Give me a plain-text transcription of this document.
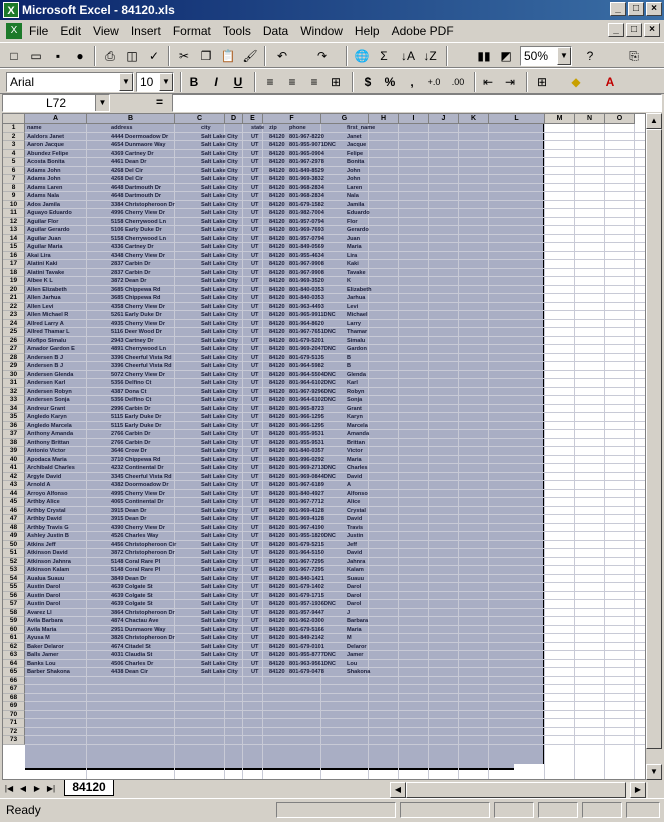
X Microsoft Excel - 84120.xls	_	□	×
X File Edit View Insert Format Tools Data Window Help Adobe PDF	_	□	×
□	▭	▪	●	⎙ ◫ ✓	✂ ❐ 📋 🖌	↶	↷	🌐 Σ	↓A ↓Z	▮▮ ◩	50%	▼	?	⎘
Arial	▼ 10	▼	B	I	U	≡	≡	≡	⊞	$	%	,	+.0	.00	⇤ ⇥	⊞	◆	A
L72	▼	=
A	B	C	D	E	F	G	H	I	J	K	L	M	N	O
1
2
3
4
5
6
7
8
9
10
11
12
13
14
15
16
17
18
19
20
21
22
23
24
25
26
27
28
29
30
31
32
33
34
35
36
37
38
39
40
41
42
43
44
45
46
47
48
49
50
51
52
53
54
55
56
57
58
59
60
61
62
63
64
65
66
67
68
69
70
71
72
73
name	address	city	state zip	phone	first_name
Aaldors Janet	4444 Doermoadow Dr	Salt Lake City	UT	84120 801-967-8220	Janet
Aaron Jacque	4654 Dunmaore Way	Salt Lake City	UT	84120 801-955-9071DNC	Jacque
Abundez Felipe	4369 Cartney Dr	Salt Lake City	UT	84120 801-965-0904	Felipe
Acosta Bonita	4461 Dean Dr	Salt Lake City	UT	84120 801-967-2978	Bonita
Adams John	4268 Del Cir	Salt Lake City	UT	84120 801-849-8529	John
Adams John	4268 Del Cir	Salt Lake City	UT	84120 801-969-3832	John
Adams Laren	4648 Dartmouth Dr	Salt Lake City	UT	84120 801-968-2834	Laren
Adams Nala	4648 Dartmouth Dr	Salt Lake City	UT	84120 801-968-2834	Nala
Ados Jamila	3384 Christopheroon Dr	Salt Lake City	UT	84120 801-679-1582	Jamila
Aguayo Eduardo	4996 Cherry View Dr	Salt Lake City	UT	84120 801-982-7004	Eduardo
Aguilar Flor	5158 Cherrywood Ln	Salt Lake City	UT	84120 801-957-0794	Flor
Aguilar Gerardo	5106 Early Duke Dr	Salt Lake City	UT	84120 801-969-7693	Gerardo
Aguilar Juan	5158 Cherrywood Ln	Salt Lake City	UT	84120 801-957-0794	Juan
Aguilar Maria	4336 Cartney Dr	Salt Lake City	UT	84120 801-849-0569	Maria
Akai Lira	4348 Cherry View Dr	Salt Lake City	UT	84120 801-955-4634	Lira
Alatini Kaki	2837 Carbin Dr	Salt Lake City	UT	84120 801-967-9908	Kaki
Alatini Tavake	2837 Carbin Dr	Salt Lake City	UT	84120 801-967-9908	Tavake
Albee K L	3872 Dean Dr	Salt Lake City	UT	84120 801-969-3520	K
Allen Elizabeth	3685 Chippewa Rd	Salt Lake City	UT	84120 801-840-0353	Elizabeth
Allen Jarhua	3685 Chippewa Rd	Salt Lake City	UT	84120 801-840-0353	Jarhua
Allen Levi	4358 Cherry View Dr	Salt Lake City	UT	84120 801-963-4493	Levi
Allen Michael R	5261 Early Duke Dr	Salt Lake City	UT	84120 801-965-9911DNC	Michael
Allred Larry A	4935 Cherry View Dr	Salt Lake City	UT	84120 801-964-8620	Larry
Allred Thamar L	5116 Deer Wood Dr	Salt Lake City	UT	84120 801-967-7651DNC	Thamar
Alofipo Simalu	2943 Cartney Dr	Salt Lake City	UT	84120 801-679-5201	Simalu
Amador Gardon E	4891 Cherrywood Ln	Salt Lake City	UT	84120 801-969-2047DNC	Gardon
Andersen B J	3396 Cheerful Vista Rd	Salt Lake City	UT	84120 801-679-5135	B
Andersen B J	3396 Cheerful Vista Rd	Salt Lake City	UT	84120 801-964-5982	B
Andersen Glenda	5072 Cherry View Dr	Salt Lake City	UT	84120 801-964-5504DNC	Glenda
Andersen Karl	5356 Delfino Ct	Salt Lake City	UT	84120 801-964-6102DNC	Karl
Andersen Robyn	4387 Dona Ct	Salt Lake City	UT	84120 801-967-9296DNC	Robyn
Andersen Sonja	5356 Delfino Ct	Salt Lake City	UT	84120 801-964-6102DNC	Sonja
Andreur Grant	2996 Carbin Dr	Salt Lake City	UT	84120 801-965-8723	Grant
Angledo Karyn	5115 Early Duke Dr	Salt Lake City	UT	84120 801-966-1295	Karyn
Angledo Marcela	5115 Early Duke Dr	Salt Lake City	UT	84120 801-966-1295	Marcela
Anthony Amanda	2766 Carbin Dr	Salt Lake City	UT	84120 801-955-9531	Amanda
Anthony Brittan	2766 Carbin Dr	Salt Lake City	UT	84120 801-955-9531	Brittan
Antonio Victor	3646 Crow Dr	Salt Lake City	UT	84120 801-840-0357	Victor
Apodaca Maria	3710 Chippewa Rd	Salt Lake City	UT	84120 801-996-0292	Maria
Archibald Charles	4232 Continental Dr	Salt Lake City	UT	84120 801-969-2713DNC	Charles
Argyle David	3345 Cheerful Vista Rd	Salt Lake City	UT	84120 801-969-0844DNC	David
Arnold A	4382 Doormoadow Dr	Salt Lake City	UT	84120 801-967-6189	A
Arroyo Alfonso	4995 Cherry View Dr	Salt Lake City	UT	84120 801-840-4927	Alfonso
Arthby Alice	4065 Continental Dr	Salt Lake City	UT	84120 801-967-7712	Alice
Arthby Crystal	3915 Dean Dr	Salt Lake City	UT	84120 801-969-4128	Crystal
Arthby David	3915 Dean Dr	Salt Lake City	UT	84120 801-969-4128	David
Arthby Travis G	4390 Cherry View Dr	Salt Lake City	UT	84120 801-967-4190	Travis
Ashley Justin B	4526 Charles Way	Salt Lake City	UT	84120 801-955-1820DNC	Justin
Atkins Jeff	4456 Christopheroon Cir	Salt Lake City	UT	84120 801-679-5215	Jeff
Atkinson David	3872 Christopheroon Dr	Salt Lake City	UT	84120 801-964-5150	David
Atkinson Jahnra	5148 Coral Rare Pl	Salt Lake City	UT	84120 801-967-7295	Jahnra
Atkinson Kalam	5148 Coral Rare Pl	Salt Lake City	UT	84120 801-967-7295	Kalam
Aualua Suauu	3849 Dean Dr	Salt Lake City	UT	84120 801-840-1421	Suauu
Austin Darol	4639 Colgate St	Salt Lake City	UT	84120 801-679-1402	Darol
Austin Darol	4639 Colgate St	Salt Lake City	UT	84120 801-679-1715	Darol
Austin Darol	4639 Colgate St	Salt Lake City	UT	84120 801-957-1936DNC	Darol
Avarez Ll	3864 Christopheroon Dr	Salt Lake City	UT	84120 801-957-9447	J
Avila Barbara	4874 Chactau Ave	Salt Lake City	UT	84120 801-962-0300	Barbara
Avila Maria	2951 Dunmaore Way	Salt Lake City	UT	84120 801-679-5166	Maria
Ayusa M	3826 Christopheroon Dr	Salt Lake City	UT	84120 801-849-2142	M
Baker Delaror	4674 Citadel St	Salt Lake City	UT	84120 801-679-0101	Delaror
Balls Jamer	4031 Claudia St	Salt Lake City	UT	84120 801-955-8777DNC	Jamer
Banks Lou	4506 Charles Dr	Salt Lake City	UT	84120 801-963-9561DNC	Lou
Barber Shakona	4438 Dean Cir	Salt Lake City	UT	84120 801-679-0478	Shakona
▲
▼
|◀ ◀ ▶ ▶|	84120	◀	▶
Ready
